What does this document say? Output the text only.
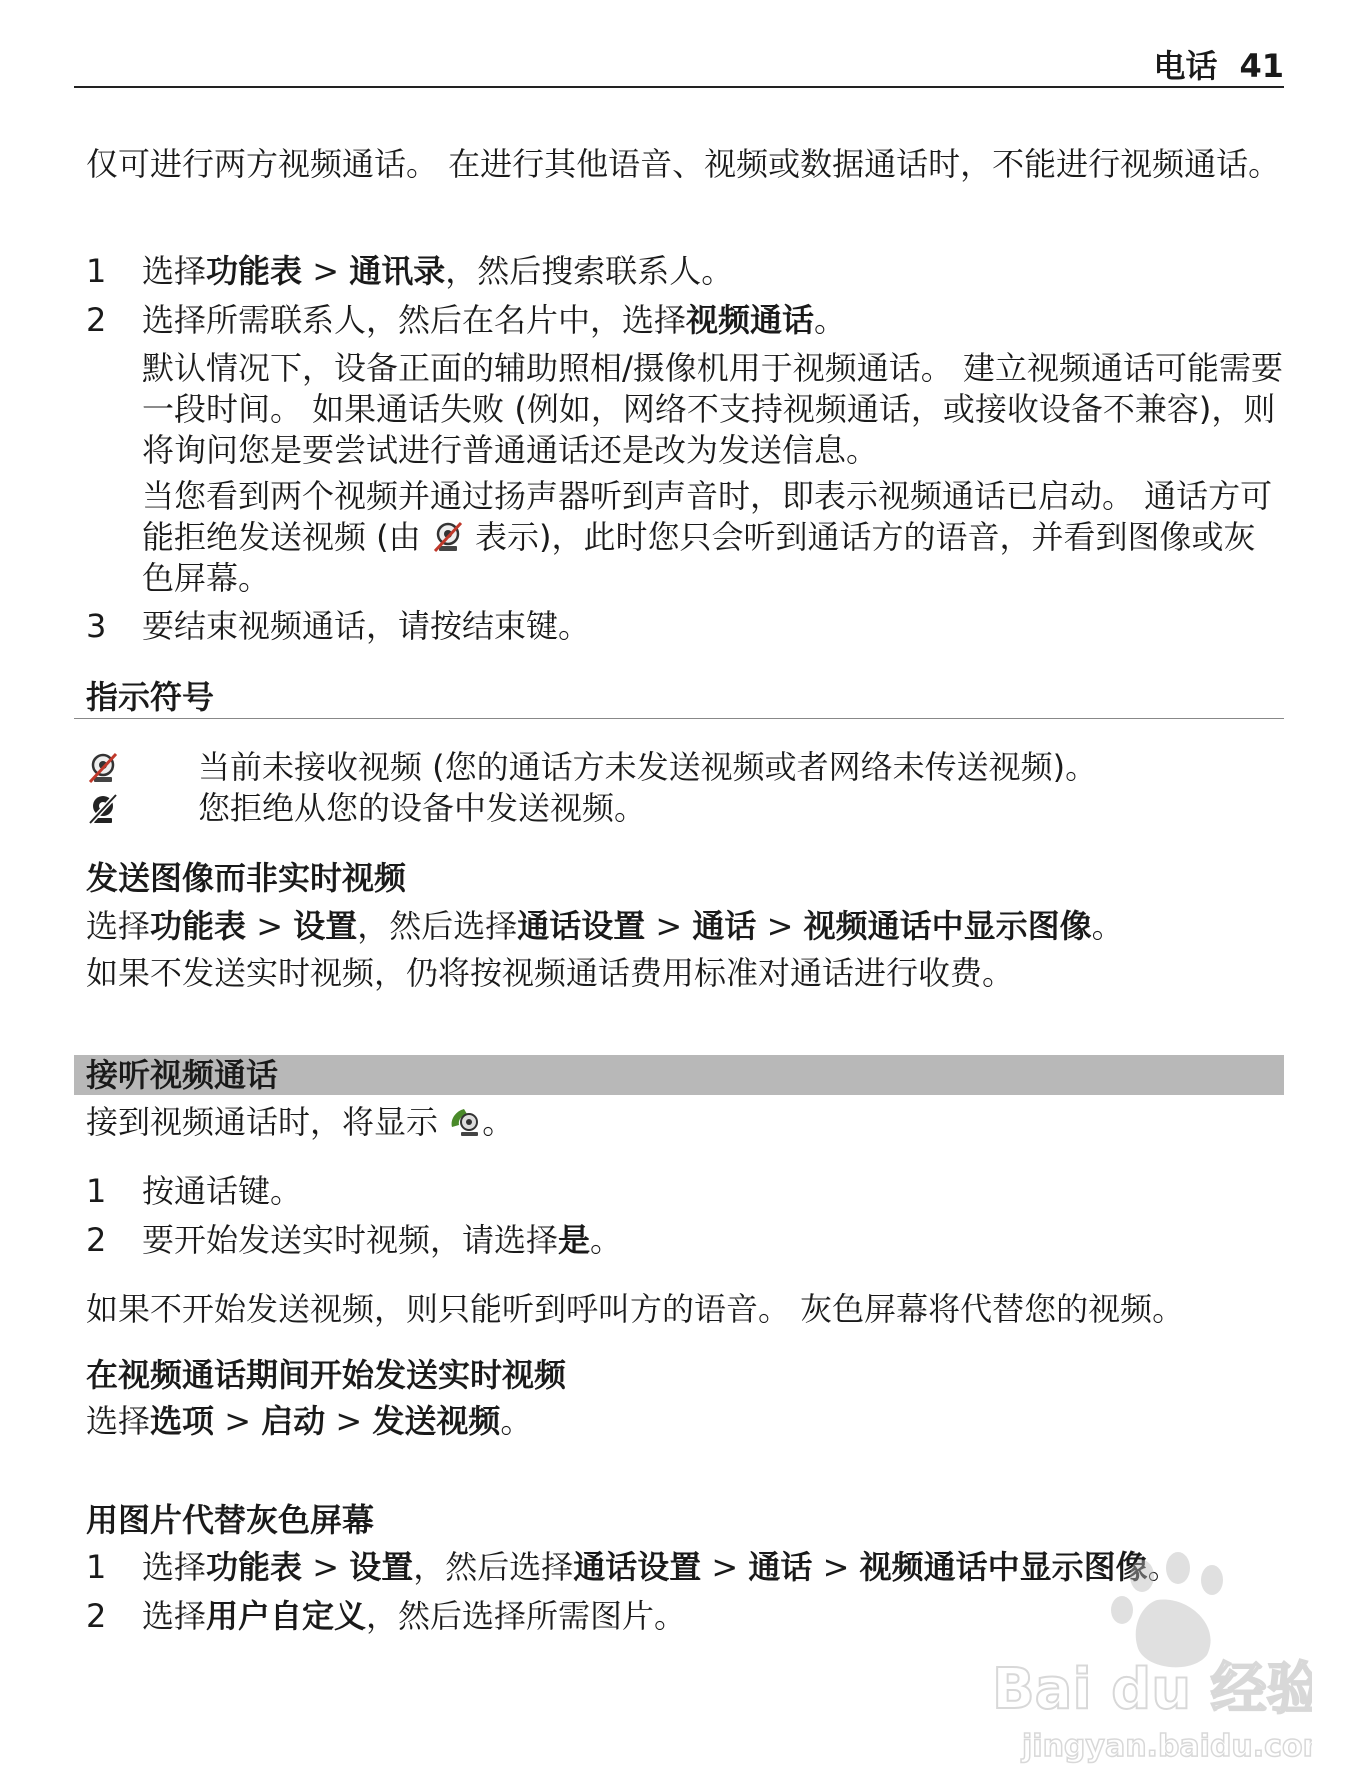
电话 41
仅可进行两方视频通话。 在进行其他语音、视频或数据通话时，不能进行视频通话。
1	选择功能表 > 通讯录，然后搜索联系人。
2	选择所需联系人，然后在名片中，选择视频通话。
默认情况下，设备正面的辅助照相/摄像机用于视频通话。 建立视频通话可能需要一段时间。 如果通话失败 (例如，网络不支持视频通话，或接收设备不兼容)，则将询问您是要尝试进行普通通话还是改为发送信息。
当您看到两个视频并通过扬声器听到声音时，即表示视频通话已启动。 通话方可能拒绝发送视频 (由  表示)，此时您只会听到通话方的语音，并看到图像或灰色屏幕。
3	要结束视频通话，请按结束键。
指示符号
当前未接收视频 (您的通话方未发送视频或者网络未传送视频)。
您拒绝从您的设备中发送视频。
发送图像而非实时视频
选择功能表 > 设置，然后选择通话设置 > 通话 > 视频通话中显示图像。
如果不发送实时视频，仍将按视频通话费用标准对通话进行收费。
接听视频通话
接到视频通话时，将显示 。
1	按通话键。
2	要开始发送实时视频，请选择是。
如果不开始发送视频，则只能听到呼叫方的语音。 灰色屏幕将代替您的视频。
在视频通话期间开始发送实时视频
选择选项 > 启动 > 发送视频。
用图片代替灰色屏幕
1	选择功能表 > 设置，然后选择通话设置 > 通话 > 视频通话中显示图像。
2	选择用户自定义，然后选择所需图片。
Bai du 经验
jingyan.baidu.com
